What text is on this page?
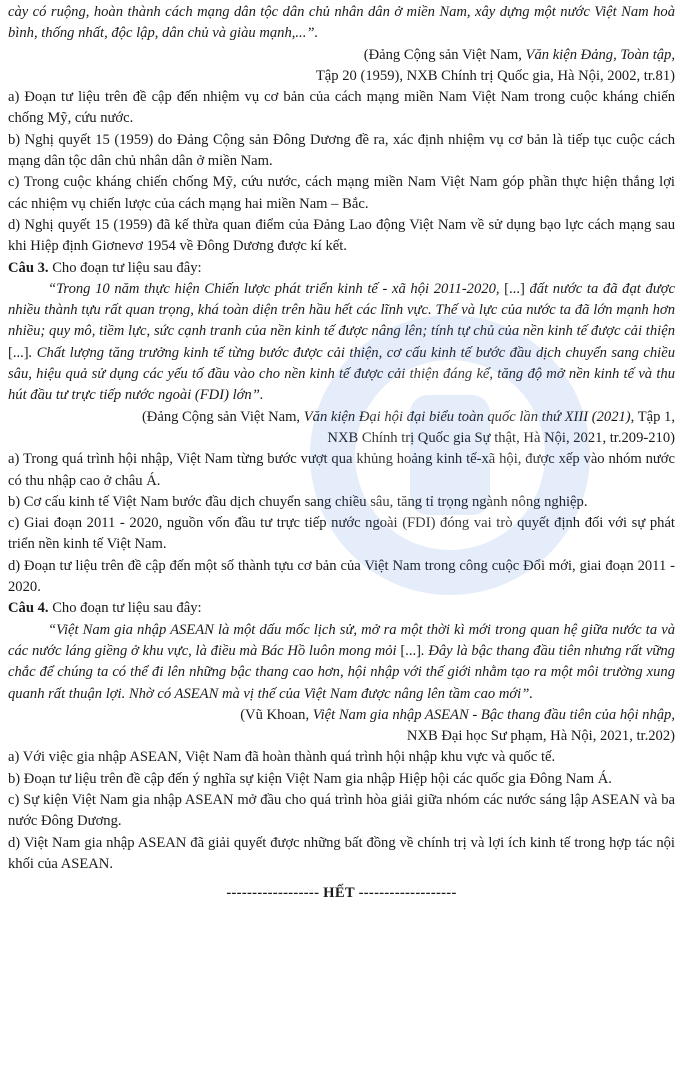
cày có ruộng, hoàn thành cách mạng dân tộc dân chủ nhân dân ở miền Nam, xây dựng một nước Việt Nam hoà bình, thống nhất, độc lập, dân chủ và giàu mạnh,...”.

(Đảng Cộng sản Việt Nam, Văn kiện Đảng, Toàn tập,

Tập 20 (1959), NXB Chính trị Quốc gia, Hà Nội, 2002, tr.81)

a) Đoạn tư liệu trên đề cập đến nhiệm vụ cơ bản của cách mạng miền Nam Việt Nam trong cuộc kháng chiến chống Mỹ, cứu nước.

b) Nghị quyết 15 (1959) do Đảng Cộng sản Đông Dương đề ra, xác định nhiệm vụ cơ bản là tiếp tục cuộc cách mạng dân tộc dân chủ nhân dân ở miền Nam.

c) Trong cuộc kháng chiến chống Mỹ, cứu nước, cách mạng miền Nam Việt Nam góp phần thực hiện thắng lợi các nhiệm vụ chiến lược của cách mạng hai miền Nam – Bắc.

d) Nghị quyết 15 (1959) đã kế thừa quan điểm của Đảng Lao động Việt Nam về sử dụng bạo lực cách mạng sau khi Hiệp định Giơnevơ 1954 về Đông Dương được kí kết.

Câu 3. Cho đoạn tư liệu sau đây:

“Trong 10 năm thực hiện Chiến lược phát triển kinh tế - xã hội 2011-2020, [...] đất nước ta đã đạt được nhiều thành tựu rất quan trọng, khá toàn diện trên hầu hết các lĩnh vực. Thế và lực của nước ta đã lớn mạnh hơn nhiều; quy mô, tiềm lực, sức cạnh tranh của nền kinh tế được nâng lên; tính tự chủ của nền kinh tế được cải thiện [...]. Chất lượng tăng trưởng kinh tế từng bước được cải thiện, cơ cấu kinh tế bước đầu dịch chuyển sang chiều sâu, hiệu quả sử dụng các yếu tố đầu vào cho nền kinh tế được cải thiện đáng kể, tăng độ mở nền kinh tế và thu hút đầu tư trực tiếp nước ngoài (FDI) lớn”.

(Đảng Cộng sản Việt Nam, Văn kiện Đại hội đại biểu toàn quốc lần thứ XIII (2021), Tập 1,

NXB Chính trị Quốc gia Sự thật, Hà Nội, 2021, tr.209-210)

a) Trong quá trình hội nhập, Việt Nam từng bước vượt qua khủng hoảng kinh tế-xã hội, được xếp vào nhóm nước có thu nhập cao ở châu Á.

b) Cơ cấu kinh tế Việt Nam bước đầu dịch chuyển sang chiều sâu, tăng tỉ trọng ngành nông nghiệp.

c) Giai đoạn 2011 - 2020, nguồn vốn đầu tư trực tiếp nước ngoài (FDI) đóng vai trò quyết định đối với sự phát triển nền kinh tế Việt Nam.

d) Đoạn tư liệu trên đề cập đến một số thành tựu cơ bản của Việt Nam trong công cuộc Đổi mới, giai đoạn 2011 - 2020.

Câu 4. Cho đoạn tư liệu sau đây:

“Việt Nam gia nhập ASEAN là một dấu mốc lịch sử, mở ra một thời kì mới trong quan hệ giữa nước ta và các nước láng giềng ở khu vực, là điều mà Bác Hồ luôn mong mỏi [...]. Đây là bậc thang đầu tiên nhưng rất vững chắc để chúng ta có thể đi lên những bậc thang cao hơn, hội nhập với thế giới nhằm tạo ra một môi trường xung quanh rất thuận lợi. Nhờ có ASEAN mà vị thế của Việt Nam được nâng lên tầm cao mới”.

(Vũ Khoan, Việt Nam gia nhập ASEAN - Bậc thang đầu tiên của hội nhập,

NXB Đại học Sư phạm, Hà Nội, 2021, tr.202)

a) Với việc gia nhập ASEAN, Việt Nam đã hoàn thành quá trình hội nhập khu vực và quốc tế.

b) Đoạn tư liệu trên đề cập đến ý nghĩa sự kiện Việt Nam gia nhập Hiệp hội các quốc gia Đông Nam Á.

c) Sự kiện Việt Nam gia nhập ASEAN mở đầu cho quá trình hòa giải giữa nhóm các nước sáng lập ASEAN và ba nước Đông Dương.

d) Việt Nam gia nhập ASEAN đã giải quyết được những bất đồng về chính trị và lợi ích kinh tế trong hợp tác nội khối của ASEAN.

------------------ HẾT -------------------
